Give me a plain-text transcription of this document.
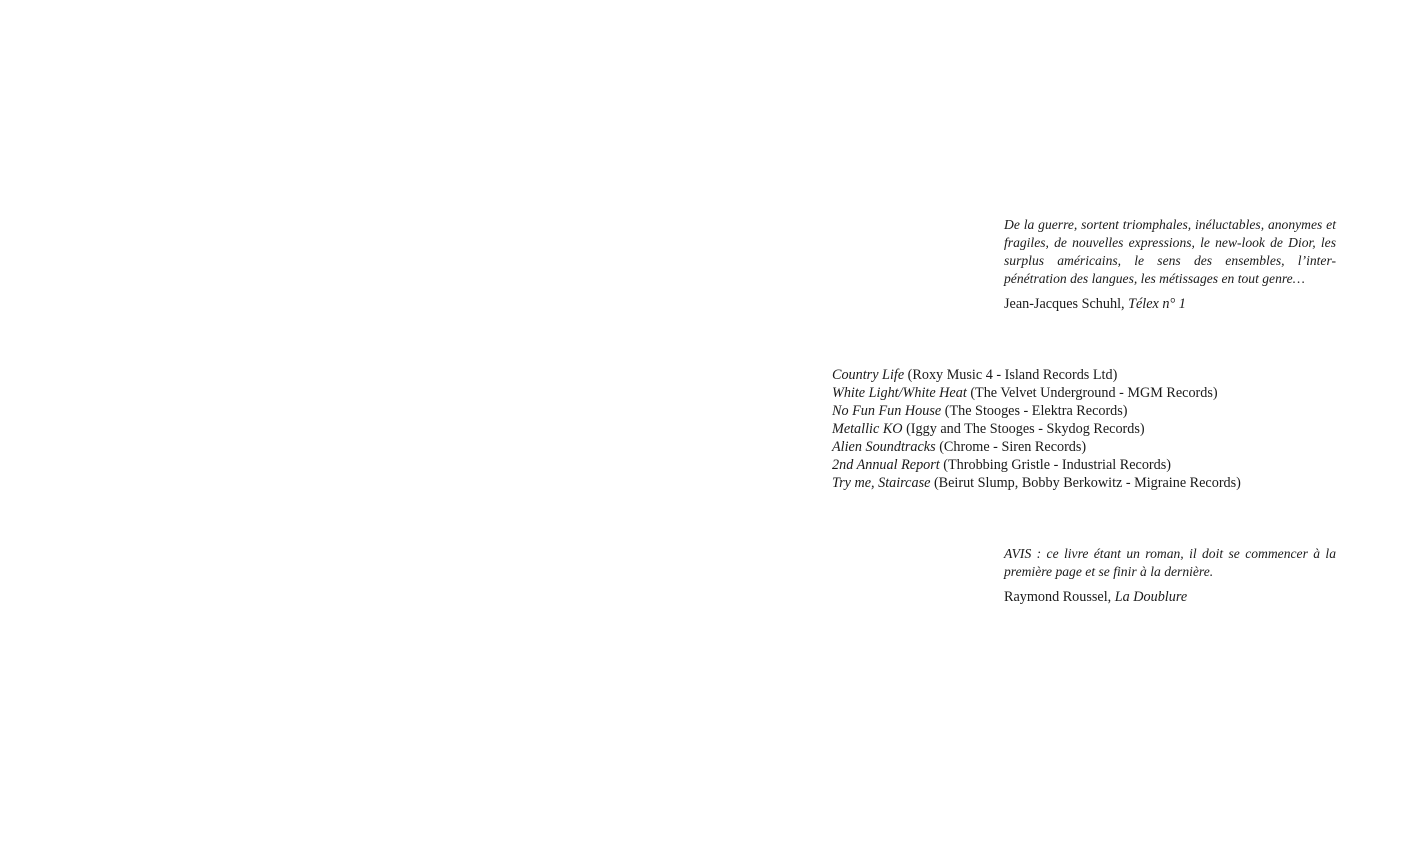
De la guerre, sortent triomphales, inéluctables, anonymes et fragiles, de nouvelles expressions, le new-look de Dior, les surplus américains, le sens des ensembles, l’inter-pénétration des langues, les métissages en tout genre…

Jean-Jacques Schuhl, Télex n° 1

Country Life (Roxy Music 4 - Island Records Ltd)
White Light/White Heat (The Velvet Underground - MGM Records)
No Fun Fun House (The Stooges - Elektra Records)
Metallic KO (Iggy and The Stooges - Skydog Records)
Alien Soundtracks (Chrome - Siren Records)
2nd Annual Report (Throbbing Gristle - Industrial Records)
Try me, Staircase (Beirut Slump, Bobby Berkowitz - Migraine Records)

AVIS : ce livre étant un roman, il doit se commencer à la première page et se finir à la dernière.

Raymond Roussel, La Doublure
